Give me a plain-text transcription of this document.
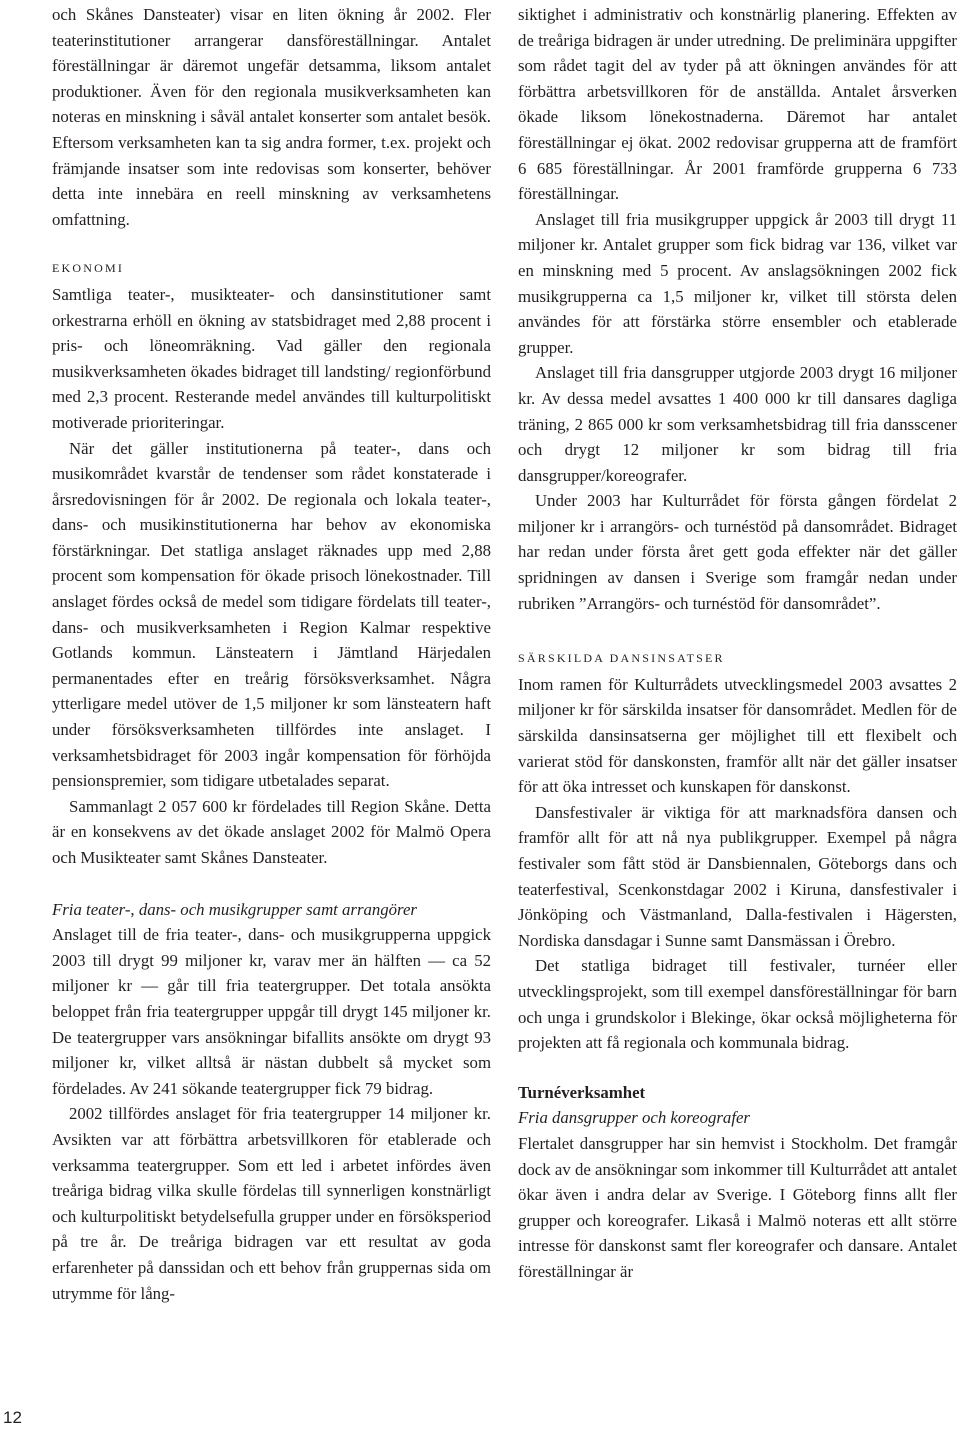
och Skånes Dansteater) visar en liten ökning år 2002. Fler teaterinstitutioner arrangerar dansföreställningar. Antalet föreställningar är däremot ungefär detsamma, liksom antalet produktioner. Även för den regionala musikverksamheten kan noteras en minskning i såväl antalet konserter som antalet besök. Eftersom verksamheten kan ta sig andra former, t.ex. projekt och främjande insatser som inte redovisas som konserter, behöver detta inte innebära en reell minskning av verksamhetens omfattning.

EKONOMI

Samtliga teater-, musikteater- och dansinstitutioner samt orkestrarna erhöll en ökning av statsbidraget med 2,88 procent i pris- och löneomräkning. Vad gäller den regionala musikverksamheten ökades bidraget till landsting/ regionförbund med 2,3 procent. Resterande medel användes till kulturpolitiskt motiverade prioriteringar.

När det gäller institutionerna på teater-, dans och musikområdet kvarstår de tendenser som rådet konstaterade i årsredovisningen för år 2002. De regionala och lokala teater-, dans- och musikinstitutionerna har behov av ekonomiska förstärkningar. Det statliga anslaget räknades upp med 2,88 procent som kompensation för ökade prisoch lönekostnader. Till anslaget fördes också de medel som tidigare fördelats till teater-, dans- och musikverksamheten i Region Kalmar respektive Gotlands kommun. Länsteatern i Jämtland Härjedalen permanentades efter en treårig försöksverksamhet. Några ytterligare medel utöver de 1,5 miljoner kr som länsteatern haft under försöksverksamheten tillfördes inte anslaget. I verksamhetsbidraget för 2003 ingår kompensation för förhöjda pensionspremier, som tidigare utbetalades separat.

Sammanlagt 2 057 600 kr fördelades till Region Skåne. Detta är en konsekvens av det ökade anslaget 2002 för Malmö Opera och Musikteater samt Skånes Dansteater.

Fria teater-, dans- och musikgrupper samt arrangörer

Anslaget till de fria teater-, dans- och musikgrupperna uppgick 2003 till drygt 99 miljoner kr, varav mer än hälften — ca 52 miljoner kr — går till fria teatergrupper. Det totala ansökta beloppet från fria teatergrupper uppgår till drygt 145 miljoner kr. De teatergrupper vars ansökningar bifallits ansökte om drygt 93 miljoner kr, vilket alltså är nästan dubbelt så mycket som fördelades. Av 241 sökande teatergrupper fick 79 bidrag.

2002 tillfördes anslaget för fria teatergrupper 14 miljoner kr. Avsikten var att förbättra arbetsvillkoren för etablerade och verksamma teatergrupper. Som ett led i arbetet infördes även treåriga bidrag vilka skulle fördelas till synnerligen konstnärligt och kulturpolitiskt betydelsefulla grupper under en försöksperiod på tre år. De treåriga bidragen var ett resultat av goda erfarenheter på danssidan och ett behov från gruppernas sida om utrymme för lång-

siktighet i administrativ och konstnärlig planering. Effekten av de treåriga bidragen är under utredning. De preliminära uppgifter som rådet tagit del av tyder på att ökningen användes för att förbättra arbetsvillkoren för de anställda. Antalet årsverken ökade liksom lönekostnaderna. Däremot har antalet föreställningar ej ökat. 2002 redovisar grupperna att de framfört 6 685 föreställningar. År 2001 framförde grupperna 6 733 föreställningar.

Anslaget till fria musikgrupper uppgick år 2003 till drygt 11 miljoner kr. Antalet grupper som fick bidrag var 136, vilket var en minskning med 5 procent. Av anslagsökningen 2002 fick musikgrupperna ca 1,5 miljoner kr, vilket till största delen användes för att förstärka större ensembler och etablerade grupper.

Anslaget till fria dansgrupper utgjorde 2003 drygt 16 miljoner kr. Av dessa medel avsattes 1 400 000 kr till dansares dagliga träning, 2 865 000 kr som verksamhetsbidrag till fria dansscener och drygt 12 miljoner kr som bidrag till fria dansgrupper/koreografer.

Under 2003 har Kulturrådet för första gången fördelat 2 miljoner kr i arrangörs- och turnéstöd på dansområdet. Bidraget har redan under första året gett goda effekter när det gäller spridningen av dansen i Sverige som framgår nedan under rubriken ”Arrangörs- och turnéstöd för dansområdet”.

SÄRSKILDA DANSINSATSER

Inom ramen för Kulturrådets utvecklingsmedel 2003 avsattes 2 miljoner kr för särskilda insatser för dansområdet. Medlen för de särskilda dansinsatserna ger möjlighet till ett flexibelt och varierat stöd för danskonsten, framför allt när det gäller insatser för att öka intresset och kunskapen för danskonst.

Dansfestivaler är viktiga för att marknadsföra dansen och framför allt för att nå nya publikgrupper. Exempel på några festivaler som fått stöd är Dansbiennalen, Göteborgs dans och teaterfestival, Scenkonstdagar 2002 i Kiruna, dansfestivaler i Jönköping och Västmanland, Dalla-festivalen i Hägersten, Nordiska dansdagar i Sunne samt Dansmässan i Örebro.

Det statliga bidraget till festivaler, turnéer eller utvecklingsprojekt, som till exempel dansföreställningar för barn och unga i grundskolor i Blekinge, ökar också möjligheterna för projekten att få regionala och kommunala bidrag.

Turnéverksamhet
Fria dansgrupper och koreografer

Flertalet dansgrupper har sin hemvist i Stockholm. Det framgår dock av de ansökningar som inkommer till Kulturrådet att antalet ökar även i andra delar av Sverige. I Göteborg finns allt fler grupper och koreografer. Likaså i Malmö noteras ett allt större intresse för danskonst samt fler koreografer och dansare. Antalet föreställningar är

12
